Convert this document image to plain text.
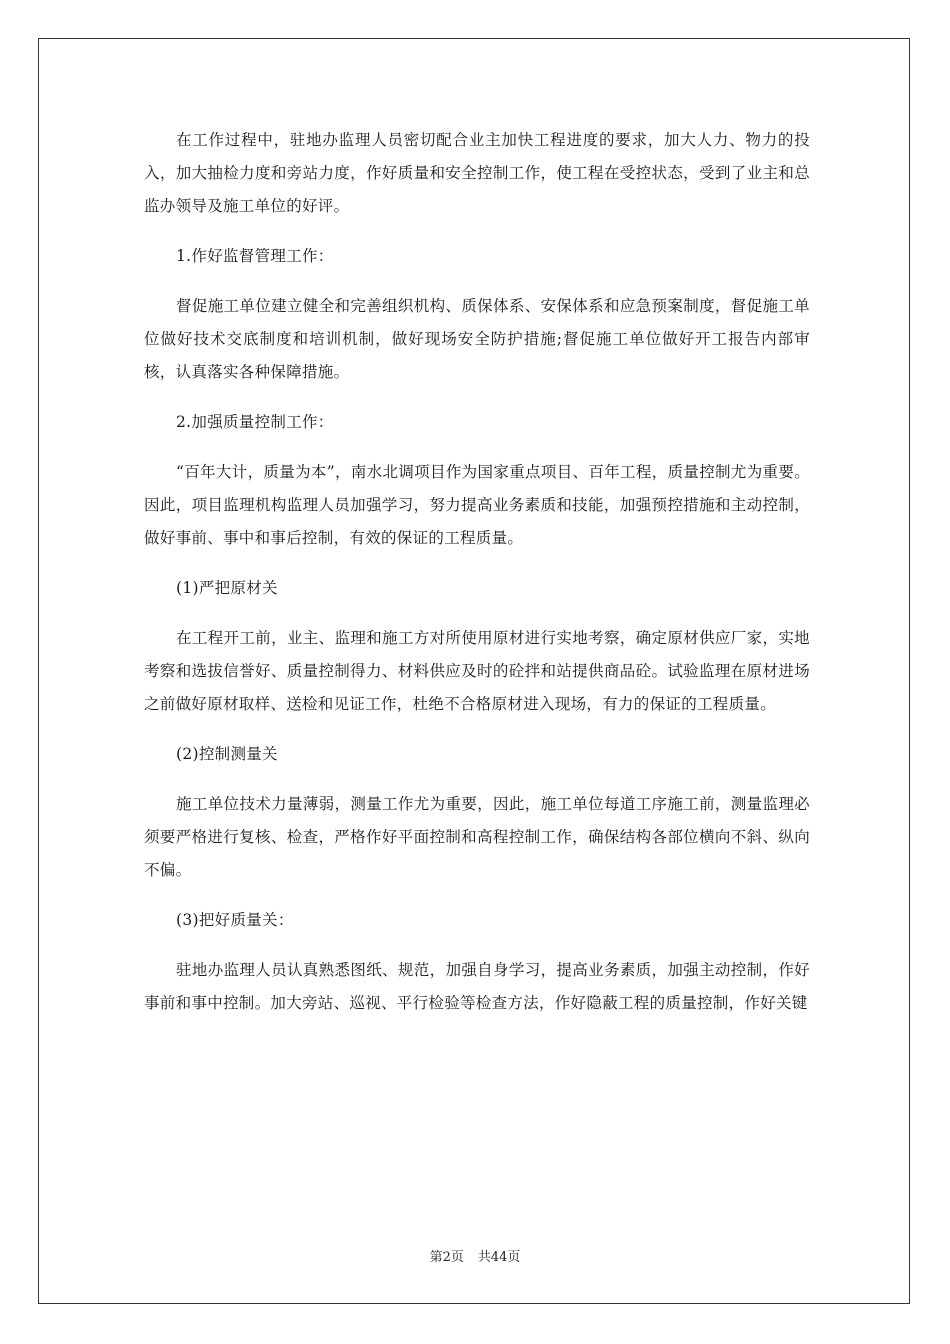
在工作过程中，驻地办监理人员密切配合业主加快工程进度的要求，加大人力、物力的投入，加大抽检力度和旁站力度，作好质量和安全控制工作，使工程在受控状态，受到了业主和总监办领导及施工单位的好评。

1.作好监督管理工作：

督促施工单位建立健全和完善组织机构、质保体系、安保体系和应急预案制度，督促施工单位做好技术交底制度和培训机制，做好现场安全防护措施;督促施工单位做好开工报告内部审核，认真落实各种保障措施。

2.加强质量控制工作：

“百年大计，质量为本”，南水北调项目作为国家重点项目、百年工程，质量控制尤为重要。因此，项目监理机构监理人员加强学习，努力提高业务素质和技能，加强预控措施和主动控制，做好事前、事中和事后控制，有效的保证的工程质量。

(1)严把原材关

在工程开工前，业主、监理和施工方对所使用原材进行实地考察，确定原材供应厂家，实地考察和选拔信誉好、质量控制得力、材料供应及时的砼拌和站提供商品砼。试验监理在原材进场之前做好原材取样、送检和见证工作，杜绝不合格原材进入现场，有力的保证的工程质量。

(2)控制测量关

施工单位技术力量薄弱，测量工作尤为重要，因此，施工单位每道工序施工前，测量监理必须要严格进行复核、检查，严格作好平面控制和高程控制工作，确保结构各部位横向不斜、纵向不偏。

(3)把好质量关：

驻地办监理人员认真熟悉图纸、规范，加强自身学习，提高业务素质，加强主动控制，作好事前和事中控制。加大旁站、巡视、平行检验等检查方法，作好隐蔽工程的质量控制，作好关键

第2页 共44页
